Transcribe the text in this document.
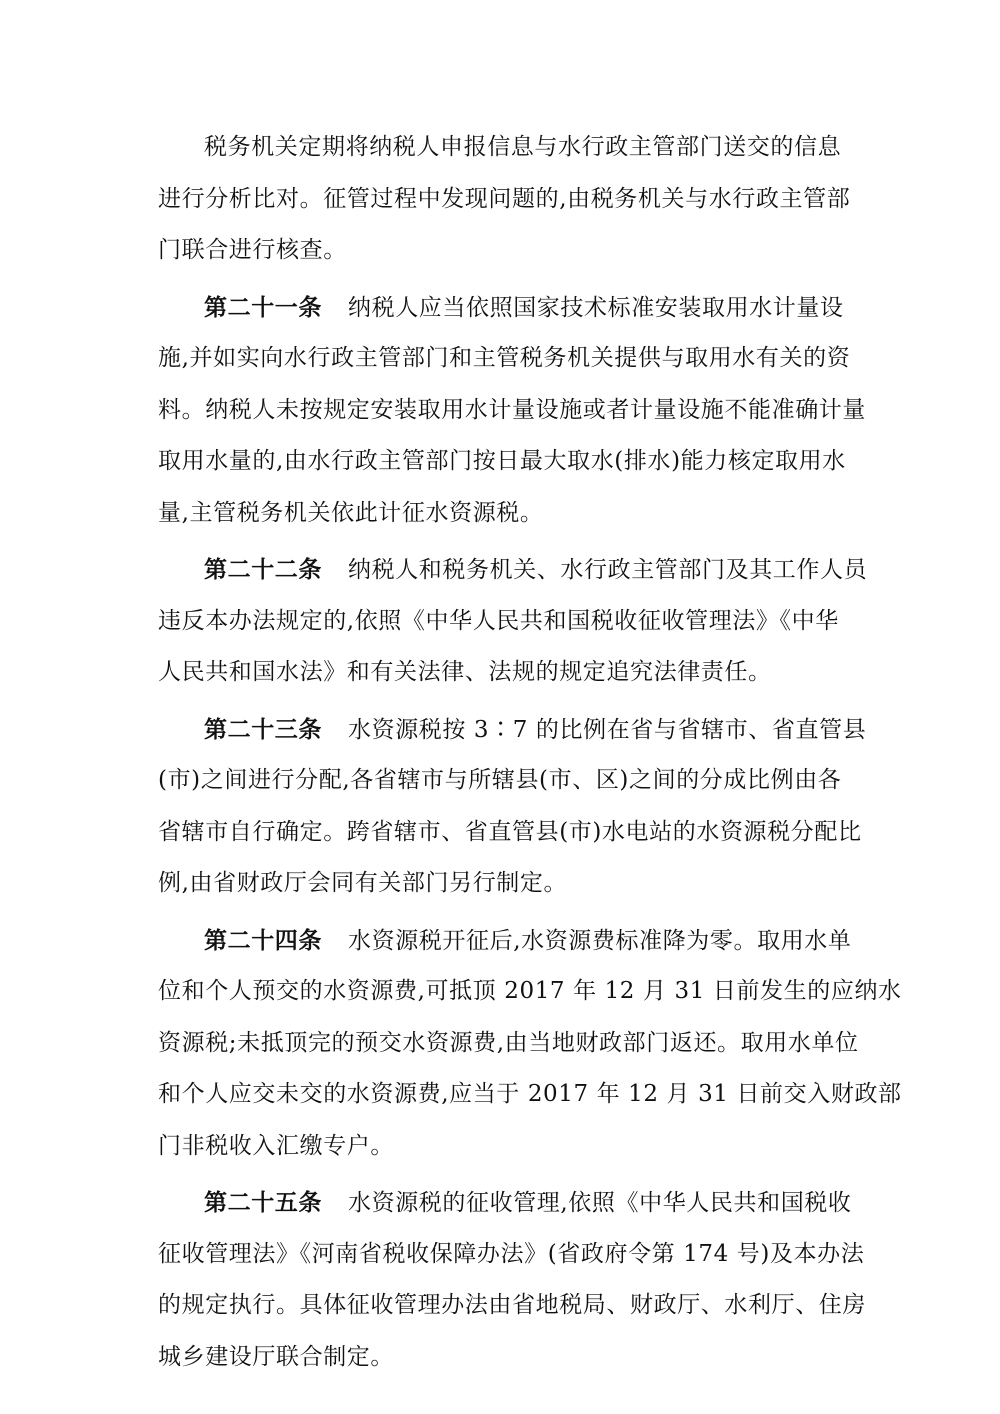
税务机关定期将纳税人申报信息与水行政主管部门送交的信息
进行分析比对。征管过程中发现问题的,由税务机关与水行政主管部
门联合进行核查。
第二十一条 纳税人应当依照国家技术标准安装取用水计量设
施,并如实向水行政主管部门和主管税务机关提供与取用水有关的资
料。纳税人未按规定安装取用水计量设施或者计量设施不能准确计量
取用水量的,由水行政主管部门按日最大取水(排水)能力核定取用水
量,主管税务机关依此计征水资源税。
第二十二条 纳税人和税务机关、水行政主管部门及其工作人员
违反本办法规定的,依照《中华人民共和国税收征收管理法》《中华
人民共和国水法》和有关法律、法规的规定追究法律责任。
第二十三条 水资源税按 3∶7 的比例在省与省辖市、省直管县
(市)之间进行分配,各省辖市与所辖县(市、区)之间的分成比例由各
省辖市自行确定。跨省辖市、省直管县(市)水电站的水资源税分配比
例,由省财政厅会同有关部门另行制定。
第二十四条 水资源税开征后,水资源费标准降为零。取用水单
位和个人预交的水资源费,可抵顶 2017 年 12 月 31 日前发生的应纳水
资源税;未抵顶完的预交水资源费,由当地财政部门返还。取用水单位
和个人应交未交的水资源费,应当于 2017 年 12 月 31 日前交入财政部
门非税收入汇缴专户。
第二十五条 水资源税的征收管理,依照《中华人民共和国税收
征收管理法》《河南省税收保障办法》(省政府令第 174 号)及本办法
的规定执行。具体征收管理办法由省地税局、财政厅、水利厅、住房
城乡建设厅联合制定。
